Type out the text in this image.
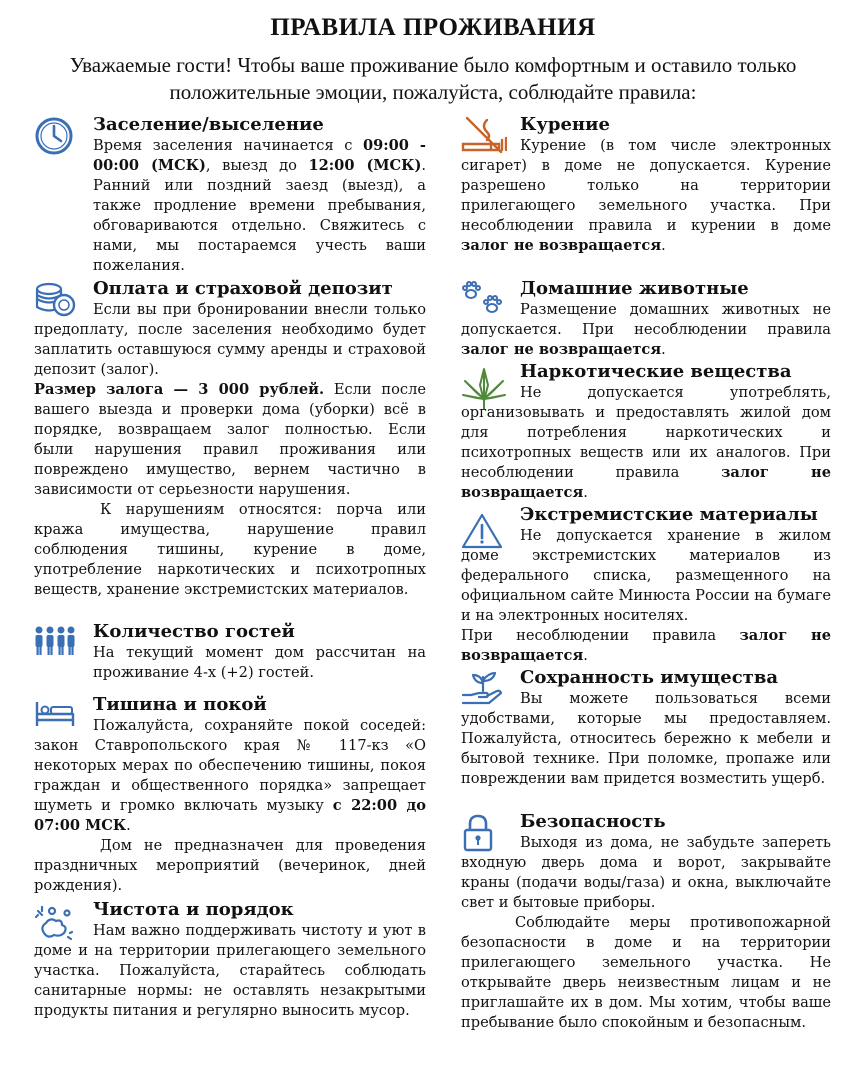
ПРАВИЛА ПРОЖИВАНИЯ

Уважаемые гости! Чтобы ваше проживание было комфортным и оставило только положительные эмоции, пожалуйста, соблюдайте правила:

Заселение/выселение

Время заселения начинается с 09:00 - 00:00 (МСК), выезд до 12:00 (МСК). Ранний или поздний заезд (выезд), а также продление времени пребывания, обговариваются отдельно. Свяжитесь с нами, мы постараемся учесть ваши пожелания.

Оплата и страховой депозит

Если вы при бронировании внесли только предоплату, после заселения необходимо будет заплатить оставшуюся сумму аренды и страховой депозит (залог).

Размер залога — 3 000 рублей. Если после вашего выезда и проверки дома (уборки) всё в порядке, возвращаем залог полностью. Если были нарушения правил проживания или повреждено имущество, вернем частично в зависимости от серьезности нарушения.

К нарушениям относятся: порча или кража имущества, нарушение правил соблюдения тишины, курение в доме, употребление наркотических и психотропных веществ, хранение экстремистских материалов.

Количество гостей

На текущий момент дом рассчитан на проживание 4-х (+2) гостей.

Тишина и покой

Пожалуйста, сохраняйте покой соседей: закон Ставропольского края № 117-кз «О некоторых мерах по обеспечению тишины, покоя граждан и общественного порядка» запрещает шуметь и громко включать музыку с 22:00 до 07:00 МСК.

Дом не предназначен для проведения праздничных мероприятий (вечеринок, дней рождения).

Чистота и порядок

Нам важно поддерживать чистоту и уют в доме и на территории прилегающего земельного участка. Пожалуйста, старайтесь соблюдать санитарные нормы: не оставлять незакрытыми продукты питания и регулярно выносить мусор.

Курение

Курение (в том числе электронных сигарет) в доме не допускается. Курение разрешено только на территории прилегающего земельного участка. При несоблюдении правила и курении в доме залог не возвращается.

Домашние животные

Размещение домашних животных не допускается. При несоблюдении правила залог не возвращается.

Наркотические вещества

Не допускается употреблять, организовывать и предоставлять жилой дом для потребления наркотических и психотропных веществ или их аналогов. При несоблюдении правила залог не возвращается.

Экстремистские материалы

Не допускается хранение в жилом доме экстремистских материалов из федерального списка, размещенного на официальном сайте Минюста России на бумаге и на электронных носителях.

При несоблюдении правила залог не возвращается.

Сохранность имущества

Вы можете пользоваться всеми удобствами, которые мы предоставляем. Пожалуйста, относитесь бережно к мебели и бытовой технике. При поломке, пропаже или повреждении вам придется возместить ущерб.

Безопасность

Выходя из дома, не забудьте запереть входную дверь дома и ворот, закрывайте краны (подачи воды/газа) и окна, выключайте свет и бытовые приборы.

Соблюдайте меры противопожарной безопасности в доме и на территории прилегающего земельного участка. Не открывайте дверь неизвестным лицам и не приглашайте их в дом. Мы хотим, чтобы ваше пребывание было спокойным и безопасным.
